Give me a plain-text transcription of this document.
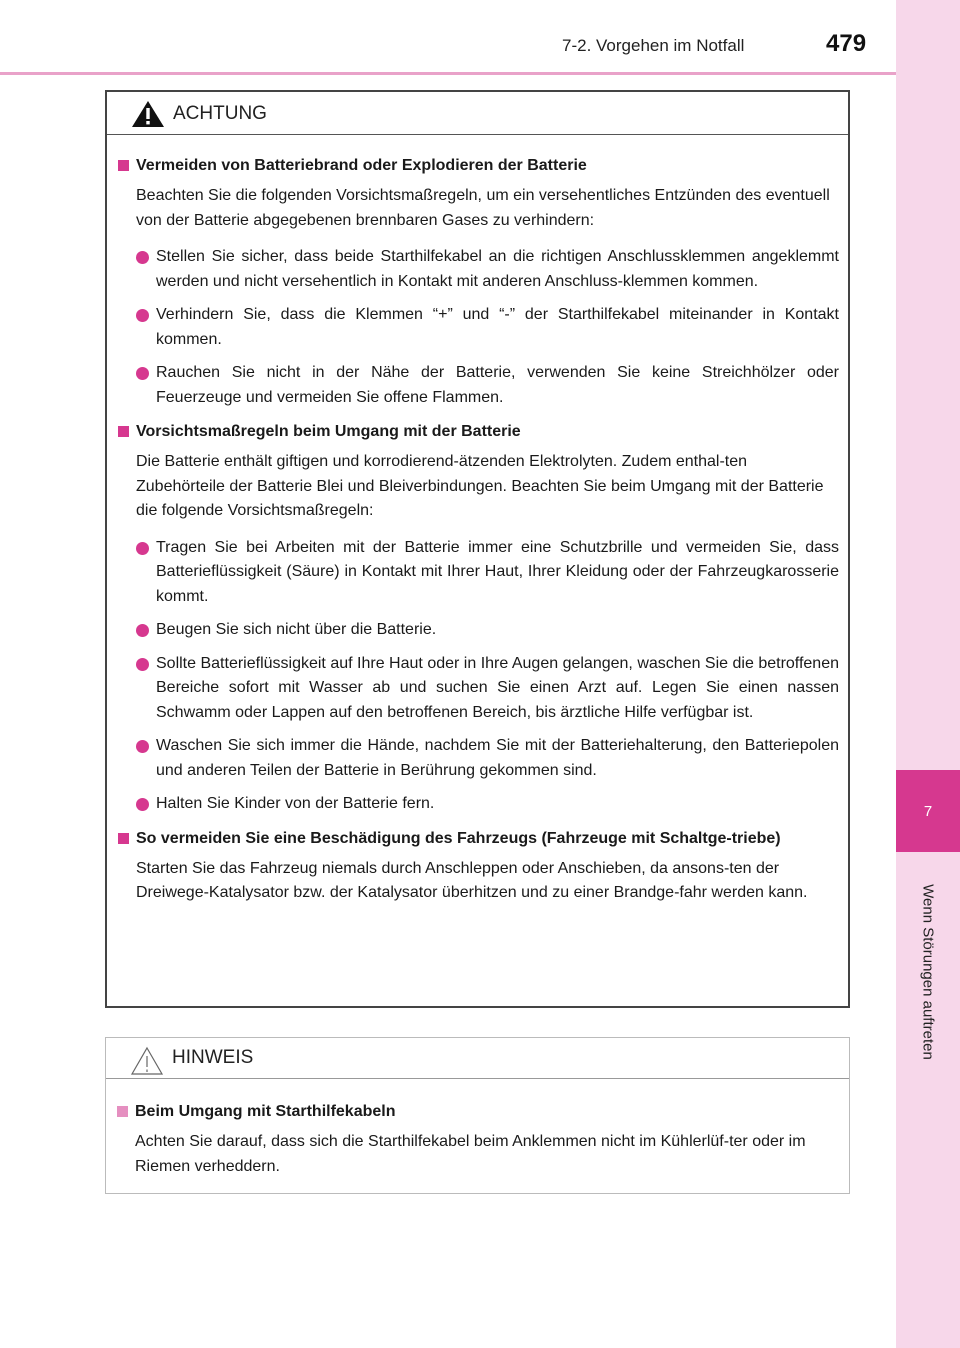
7-2. Vorgehen im Notfall	479
7
Wenn Störungen auftreten
ACHTUNG
Vermeiden von Batteriebrand oder Explodieren der Batterie
Beachten Sie die folgenden Vorsichtsmaßregeln, um ein versehentliches Entzünden des eventuell von der Batterie abgegebenen brennbaren Gases zu verhindern:
Stellen Sie sicher, dass beide Starthilfekabel an die richtigen Anschlussklemmen angeklemmt werden und nicht versehentlich in Kontakt mit anderen Anschluss-klemmen kommen.
Verhindern Sie, dass die Klemmen “+” und “-” der Starthilfekabel miteinander in Kontakt kommen.
Rauchen Sie nicht in der Nähe der Batterie, verwenden Sie keine Streichhölzer oder Feuerzeuge und vermeiden Sie offene Flammen.
Vorsichtsmaßregeln beim Umgang mit der Batterie
Die Batterie enthält giftigen und korrodierend-ätzenden Elektrolyten. Zudem enthal-ten Zubehörteile der Batterie Blei und Bleiverbindungen. Beachten Sie beim Umgang mit der Batterie die folgende Vorsichtsmaßregeln:
Tragen Sie bei Arbeiten mit der Batterie immer eine Schutzbrille und vermeiden Sie, dass Batterieflüssigkeit (Säure) in Kontakt mit Ihrer Haut, Ihrer Kleidung oder der Fahrzeugkarosserie kommt.
Beugen Sie sich nicht über die Batterie.
Sollte Batterieflüssigkeit auf Ihre Haut oder in Ihre Augen gelangen, waschen Sie die betroffenen Bereiche sofort mit Wasser ab und suchen Sie einen Arzt auf. Legen Sie einen nassen Schwamm oder Lappen auf den betroffenen Bereich, bis ärztliche Hilfe verfügbar ist.
Waschen Sie sich immer die Hände, nachdem Sie mit der Batteriehalterung, den Batteriepolen und anderen Teilen der Batterie in Berührung gekommen sind.
Halten Sie Kinder von der Batterie fern.
So vermeiden Sie eine Beschädigung des Fahrzeugs (Fahrzeuge mit Schaltge-triebe)
Starten Sie das Fahrzeug niemals durch Anschleppen oder Anschieben, da ansons-ten der Dreiwege-Katalysator bzw. der Katalysator überhitzen und zu einer Brandge-fahr werden kann.
HINWEIS
Beim Umgang mit Starthilfekabeln
Achten Sie darauf, dass sich die Starthilfekabel beim Anklemmen nicht im Kühlerlüf-ter oder im Riemen verheddern.
